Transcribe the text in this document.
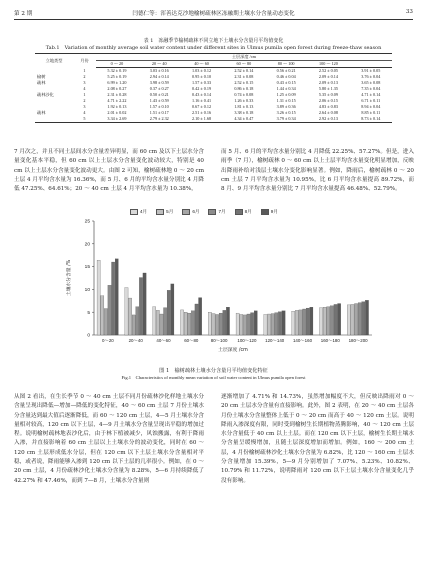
第 2 期	闫德仁等：浑善达克沙地榆树疏林区冻融期土壤水分含量动态变化	33
表 1　冻融季节榆树疏林不同立地下土壤水分含量月平均值变化
Tab.1　Variation of monthly average soil water content under different sites in Ulmus pumila open forest during freeze-thaw season
立地类型	月份	土层深度 /cm						
		0 ～ 20	20 ～ 40	40 ～ 60	60 ～ 80	80 ～ 100	100 ～ 120	
	1	5.32 ± 0.19	3.03 ± 0.16	1.03 ± 0.12	2.52 ± 0.14	0.56 ± 0.21	2.52 ± 0.05	3.91 ± 0.05
榆树	2	5.25 ± 0.19	2.94 ± 0.14	0.95 ± 0.10	2.31 ± 0.08	0.46 ± 0.04	2.09 ± 0.14	3.76 ± 0.04
疏林	3	6.99 ± 1.20	3.98 ± 0.59	1.57 ± 0.33	2.52 ± 0.15	0.43 ± 0.15	2.09 ± 0.13	3.65 ± 0.08
	4	2.08 ± 0.27	0.37 ± 0.27	0.42 ± 0.19	0.86 ± 0.18	1.44 ± 0.34	5.80 ± 1.35	7.35 ± 0.04
疏林沙化	1	2.31 ± 0.28	0.50 ± 0.21	0.43 ± 0.14	0.74 ± 0.08	1.25 ± 0.09	5.35 ± 0.09	4.71 ± 0.14
	2	4.71 ± 2.22	1.43 ± 0.59	1.16 ± 0.41	1.26 ± 0.33	1.31 ± 0.15	2.06 ± 0.15	6.71 ± 0.11
	3	1.92 ± 0.13	1.57 ± 0.10	0.67 ± 0.12	1.81 ± 0.13	3.89 ± 0.36	4.83 ± 0.83	8.94 ± 0.04
疏林	4	2.01 ± 0.02	1.51 ± 0.17	2.51 ± 0.16	3.38 ± 0.18	3.26 ± 0.15	2.64 ± 0.08	8.85 ± 0.11
	5	3.34 ± 2.69	2.79 ± 2.32	2.10 ± 1.68	4.34 ± 0.47	3.79 ± 0.34	2.92 ± 0.13	8.73 ± 0.14
7 月次之，并且不同土层间水分含量差异明显，而 60 cm 及以下土层水分含量变化基本平稳，但 60 cm 以上土层水分含量变化波动较大，特别是 40 cm 以上土层水分含量变化波动更大。由图 2 可知，榆树疏林地 0 ～ 20 cm 土层 4 月平均含水量为 16.36%，而 5 月、6 月的平均含水量分别比 4 月降低 47.25%、64.61%；20 ～ 40 cm 土层 4 月平均含水量为 10.38%，
而 5 月、6 月的平均含水量分别比 4 月降低 22.25%、57.27%。但是，进入雨季（7 月），榆树疏林 0 ～ 60 cm 以上土层平均含水量变化明显增加，反映出降雨补给对浅层土壤水分变化影响显著。例如，降雨后，榆树疏林 0 ～ 20 cm 土层 7 月平均含水量为 10.95%，比 6 月平均含水量提高 89.72%，而 8 月、9 月平均含水量分别比 7 月平均含水量提高 46.48%、52.79%。
0
5
10
15
20
25
土壤水分含量 /%
0～20	20～40	40～60	60～80	80～100 100～120 120～140 140～160 160～180 180～200
土层深度 /cm
4月	5月	6月	7月	8月	9月
图 1　榆树疏林土壤水分含量月平均值变化特征
Fig.1　Characteristics of monthly mean variation of soil water content in Ulmus pumila open forest
从图 2 看出，在生长季节 0 ～ 40 cm 土层不同月份疏林沙化样地土壤水分含量呈现出降低—增加—降低的变化特征，40 ～ 60 cm 土层 7 月份土壤水分含量达到最大值后逐渐降低，而 60 ～ 120 cm 土层，4—5 月土壤水分含量相对较高，120 cm 以下土层，4—9 月土壤水分含量呈现出平稳的增加过程。说明榆树疏林地表沙化后，由于林下植被减少，风蚀搬露，有利于降雨入渗，并直接影响着 60 cm 土层以上土壤水分的波动变化，同时在 60 ～ 120 cm 土层形成低水分层，但在 120 cm 以下土层土壤水分含量相对平稳，或者说，降雨能够入渗到 120 cm 以下土层的几率很小。例如，在 0 ～ 20 cm 土层，4 月份疏林沙化土壤水分含量为 8.28%，5—6 月持续降低了 42.27% 和 47.46%，而到 7—8 月，土壤水分含量则
逐渐增加了 4.71% 和 14.73%，虽然增加幅度不大，但反映出降雨对 0 ～ 20 cm 土层水分含量有直接影响。此外，图 2 表明，在 20 ～ 40 cm 土层各月份土壤水分含量整体上低于 0 ～ 20 cm 而高于 40 ～ 120 cm 土层。说明降雨入渗深度有限，同时受到榆树生长期植物蒸腾影响，40 ～ 120 cm 土层水分含量低于 40 cm 以上土层。而在 120 cm 以下土层，榆树生长期土壤水分含量呈缓慢增加，且随土层深度增加而增加。例如，160 ～ 200 cm 土层，4 月份榆树疏林沙化土壤水分含量为 6.82%，比 120 ～ 160 cm 土层水分含量增加 15.39%，5—9 月分别增加了 7.07%、5.23%、10.82%、10.79% 和 11.72%，说明降雨对 120 cm 以下土层土壤水分含量变化几乎没有影响。
